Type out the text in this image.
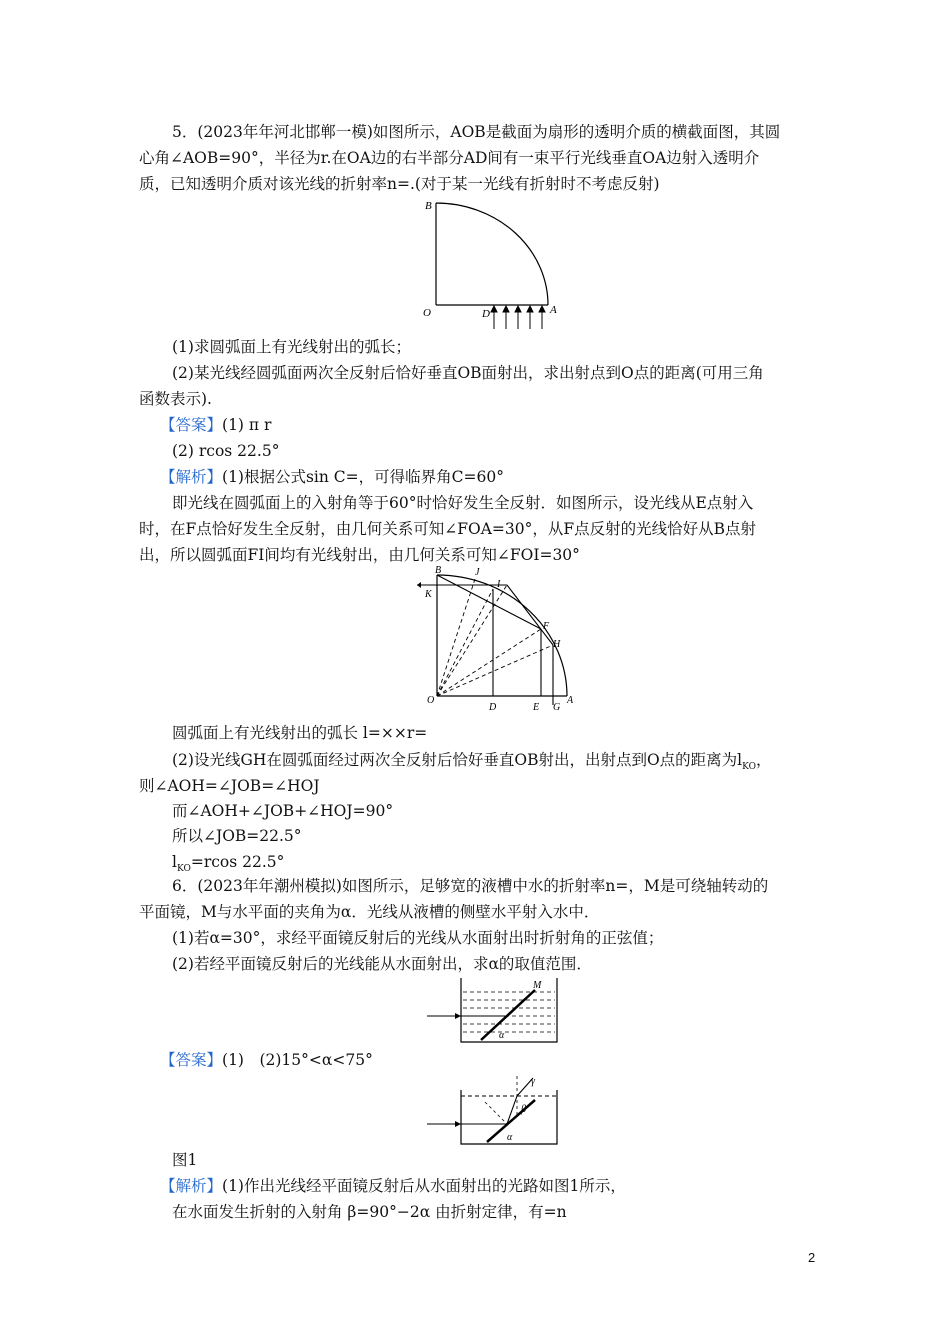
5．(2023年年河北邯郸一模)如图所示，AOB是截面为扇形的透明介质的横截面图，其圆
心角∠AOB=90°，半径为r.在OA边的右半部分AD间有一束平行光线垂直OA边射入透明介
质，已知透明介质对该光线的折射率n=.(对于某一光线有折射时不考虑反射)
B
O	D	A
(1)求圆弧面上有光线射出的弧长；
(2)某光线经圆弧面两次全反射后恰好垂直OB面射出，求出射点到O点的距离(可用三角
函数表示).
【答案】(1) π r
(2) rcos 22.5°
【解析】(1)根据公式sin C=，可得临界角C=60°
即光线在圆弧面上的入射角等于60°时恰好发生全反射．如图所示，设光线从E点射入
时，在F点恰好发生全反射，由几何关系可知∠FOA=30°，从F点反射的光线恰好从B点射
出，所以圆弧面FI间均有光线射出，由几何关系可知∠FOI=30°
B	J
I
K
F
H
O
D	E G
A
圆弧面上有光线射出的弧长 l=××r=
(2)设光线GH在圆弧面经过两次全反射后恰好垂直OB射出，出射点到O点的距离为$l_{KO}$，
则∠AOH=∠JOB=∠HOJ
而∠AOH+∠JOB+∠HOJ=90°
所以∠JOB=22.5°
$l_{KO}=rcos$ 22.5°
6．(2023年年潮州模拟)如图所示，足够宽的液槽中水的折射率n=，M是可绕轴转动的
平面镜，M与水平面的夹角为α．光线从液槽的侧壁水平射入水中．
(1)若α=30°，求经平面镜反射后的光线从水面射出时折射角的正弦值；
(2)若经平面镜反射后的光线能从水面射出，求α的取值范围．
M
α
【答案】(1)　(2)15°<α<75°
γ
β
α
图1
【解析】(1)作出光线经平面镜反射后从水面射出的光路如图1所示，
在水面发生折射的入射角 β=90°−2α 由折射定律，有=n
2
